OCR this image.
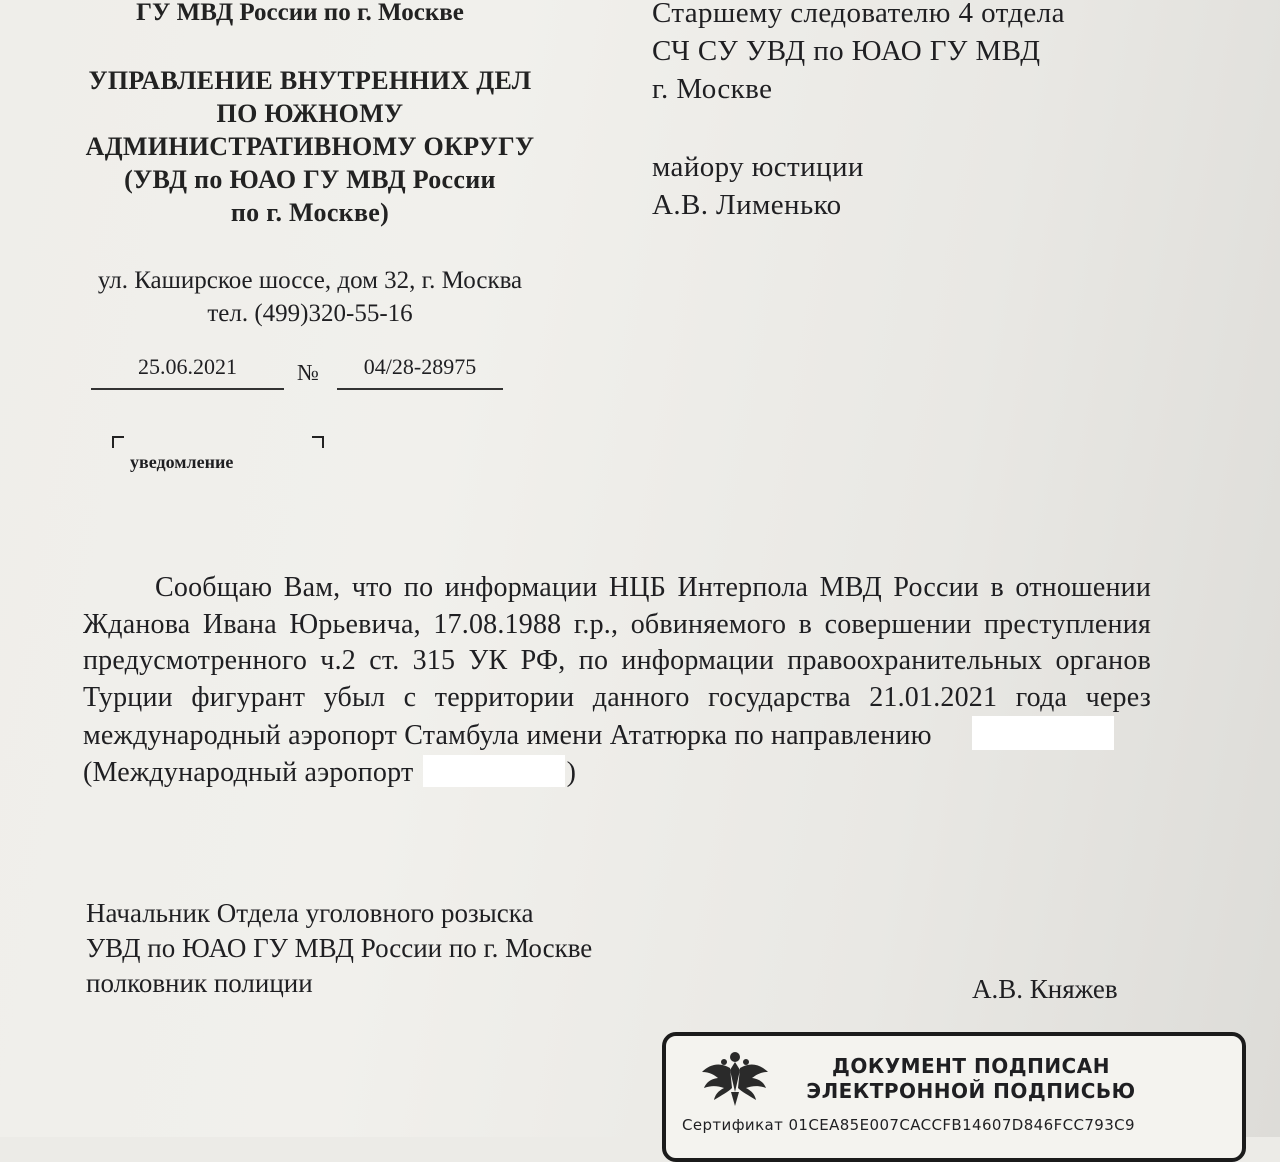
ГУ МВД России по г. Москве
УПРАВЛЕНИЕ ВНУТРЕННИХ ДЕЛ
ПО ЮЖНОМУ
АДМИНИСТРАТИВНОМУ ОКРУГУ
(УВД по ЮАО ГУ МВД России
по г. Москве)
ул. Каширское шоссе, дом 32, г. Москва
тел. (499)320-55-16
25.06.2021	№	04/28-28975
уведомление
Старшему следователю 4 отдела
СЧ СУ УВД по ЮАО ГУ МВД
г. Москве
майору юстиции
А.В. Лименько

Сообщаю Вам, что по информации НЦБ Интерпола МВД России в отношении Жданова Ивана Юрьевича, 17.08.1988 г.р., обвиняемого в совершении преступления предусмотренного ч.2 ст. 315 УК РФ, по информации правоохранительных органов Турции фигурант убыл с территории данного государства 21.01.2021 года через международный аэропорт Стамбула имени Ататюрка по направлению

(Международный аэропорт	)
Начальник Отдела уголовного розыска
УВД по ЮАО ГУ МВД России по г. Москве
полковник полиции	А.В. Княжев
ДОКУМЕНТ ПОДПИСАН
ЭЛЕКТРОННОЙ ПОДПИСЬЮ
Сертификат 01CEA85E007CACCFB14607D846FCC793C9
